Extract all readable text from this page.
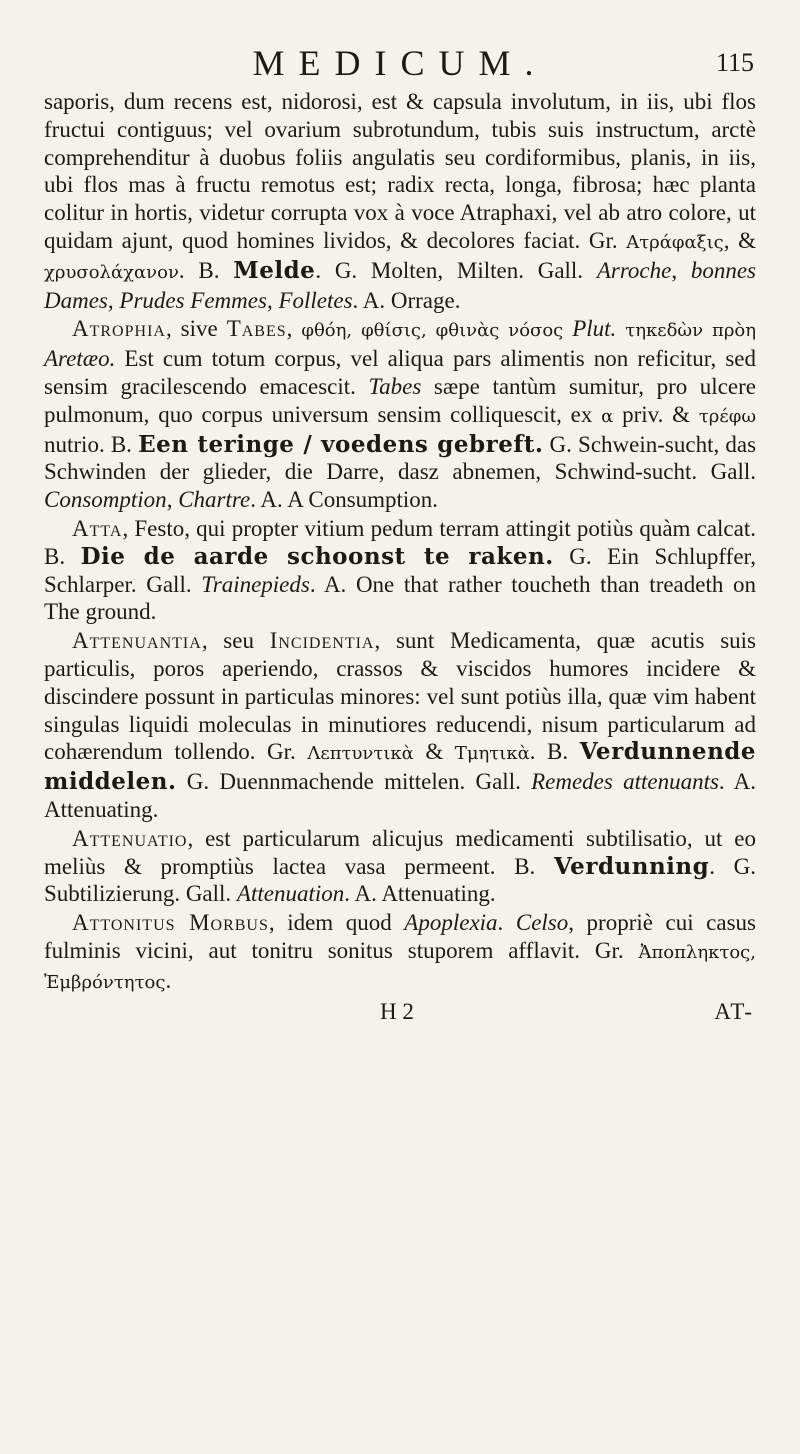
MEDICUM.	115

saporis, dum recens est, nidorosi, est & capsula involutum, in iis, ubi flos fructui contiguus; vel ovarium subrotundum, tubis suis instructum, arctè comprehenditur à duobus foliis angulatis seu cordiformibus, planis, in iis, ubi flos mas à fructu remotus est; radix recta, longa, fibrosa; hæc planta colitur in hortis, videtur corrupta vox à voce Atraphaxi, vel ab atro colore, ut quidam ajunt, quod homines lividos, & decolores faciat. Gr. Ατράφαξις, & χρυσολάχανον. B. Melde. G. Molten, Milten. Gall. Arroche, bonnes Dames, Prudes Femmes, Folletes. A. Orrage.

Atrophia, sive Tabes, φθόη, φθίσις, φθινὰς νόσος Plut. τηκεδὼν πρὸη Aretæo. Est cum totum corpus, vel aliqua pars alimentis non reficitur, sed sensim gracilescendo emacescit. Tabes sæpe tantùm sumitur, pro ulcere pulmonum, quo corpus universum sensim colliquescit, ex α priv. & τρέφω nutrio. B. Een teringe / voedens gebreft. G. Schwein-sucht, das Schwinden der glieder, die Darre, dasz abnemen, Schwind-sucht. Gall. Consomption, Chartre. A. A Consumption.

Atta, Festo, qui propter vitium pedum terram attingit potiùs quàm calcat. B. Die de aarde schoonst te raken. G. Ein Schlupffer, Schlarper. Gall. Trainepieds. A. One that rather toucheth than treadeth on The ground.

Attenuantia, seu Incidentia, sunt Medicamenta, quæ acutis suis particulis, poros aperiendo, crassos & viscidos humores incidere & discindere possunt in particulas minores: vel sunt potiùs illa, quæ vim habent singulas liquidi moleculas in minutiores reducendi, nisum particularum ad cohærendum tollendo. Gr. Λεπτυντικὰ & Τμητικὰ. B. Verdunnende middelen. G. Duennmachende mittelen. Gall. Remedes attenuants. A. Attenuating.

Attenuatio, est particularum alicujus medicamenti subtilisatio, ut eo meliùs & promptiùs lactea vasa permeent. B. Verdunning. G. Subtilizierung. Gall. Attenuation. A. Attenuating.

Attonitus Morbus, idem quod Apoplexia. Celso, propriè cui casus fulminis vicini, aut tonitru sonitus stuporem afflavit. Gr. Ἀποπληκτος, Ἐμβρόντητος.

H 2	AT-
